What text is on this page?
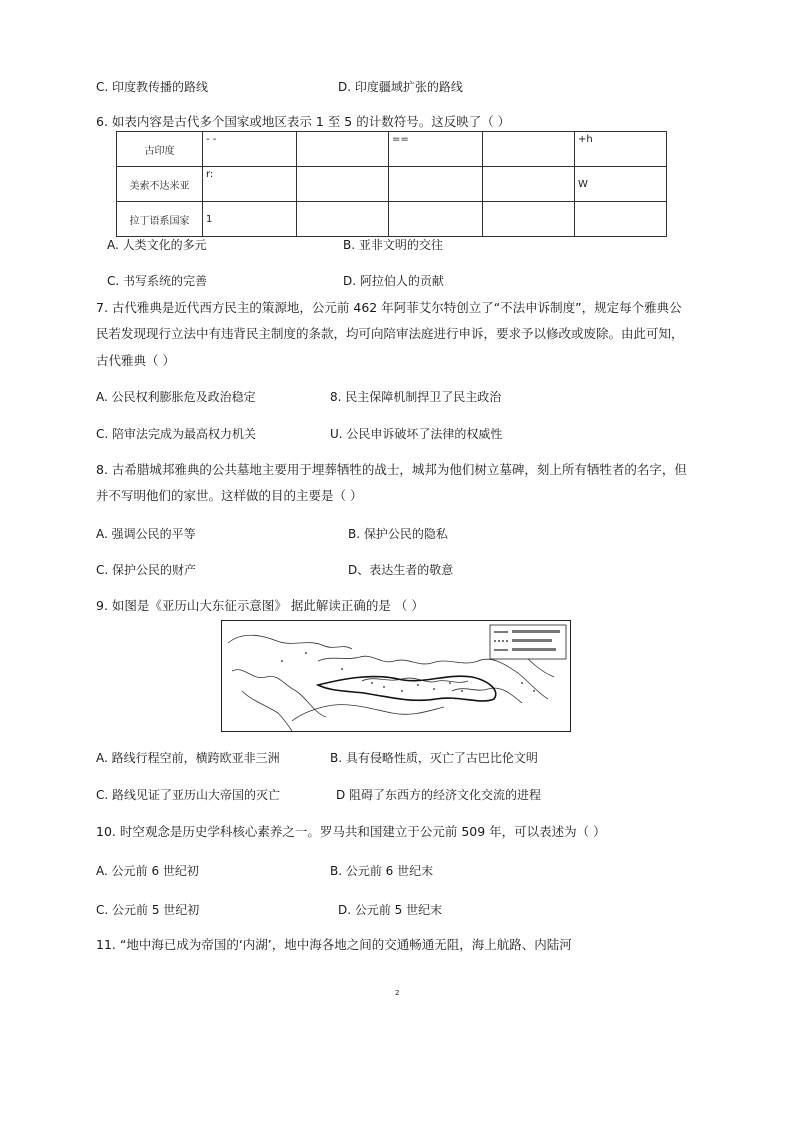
C. 印度教传播的路线	D. 印度疆域扩张的路线
6. 如表内容是古代多个国家或地区表示 1 至 5 的计数符号。这反映了（ ）
古印度	- -		==		+h
美索不达米亚	r:				W
拉丁语系国家	1				
A. 人类文化的多元	B. 亚非文明的交往
C. 书写系统的完善	D. 阿拉伯人的贡献
7. 古代雅典是近代西方民主的策源地，公元前 462 年阿菲艾尔特创立了“不法申诉制度”，规定每个雅典公
民若发现现行立法中有违背民主制度的条款，均可向陪审法庭进行申诉，要求予以修改或废除。由此可知，
古代雅典（ ）
A. 公民权利膨胀危及政治稳定	8. 民主保障机制捍卫了民主政治
C. 陪审法完成为最高权力机关	U. 公民申诉破坏了法律的权威性
8. 古希腊城邦雅典的公共墓地主要用于埋葬牺牲的战士，城邦为他们树立墓碑，刻上所有牺牲者的名字，但
并不写明他们的家世。这样做的目的主要是（ ）
A. 强调公民的平等	B. 保护公民的隐私
C. 保护公民的财产	D、表达生者的敬意
9. 如图是《亚历山大东征示意图》 据此解读正确的是 （ ）
A. 路线行程空前，横跨欧亚非三洲	B. 具有侵略性质，灭亡了古巴比伦文明
C. 路线见证了亚历山大帝国的灭亡	D 阻碍了东西方的经济文化交流的进程
10. 时空观念是历史学科核心素养之一。罗马共和国建立于公元前 509 年，可以表述为（ ）
A. 公元前 6 世纪初	B. 公元前 6 世纪末
C. 公元前 5 世纪初	D. 公元前 5 世纪末
11. “地中海已成为帝国的‘内湖’，地中海各地之间的交通畅通无阻，海上航路、内陆河
2
